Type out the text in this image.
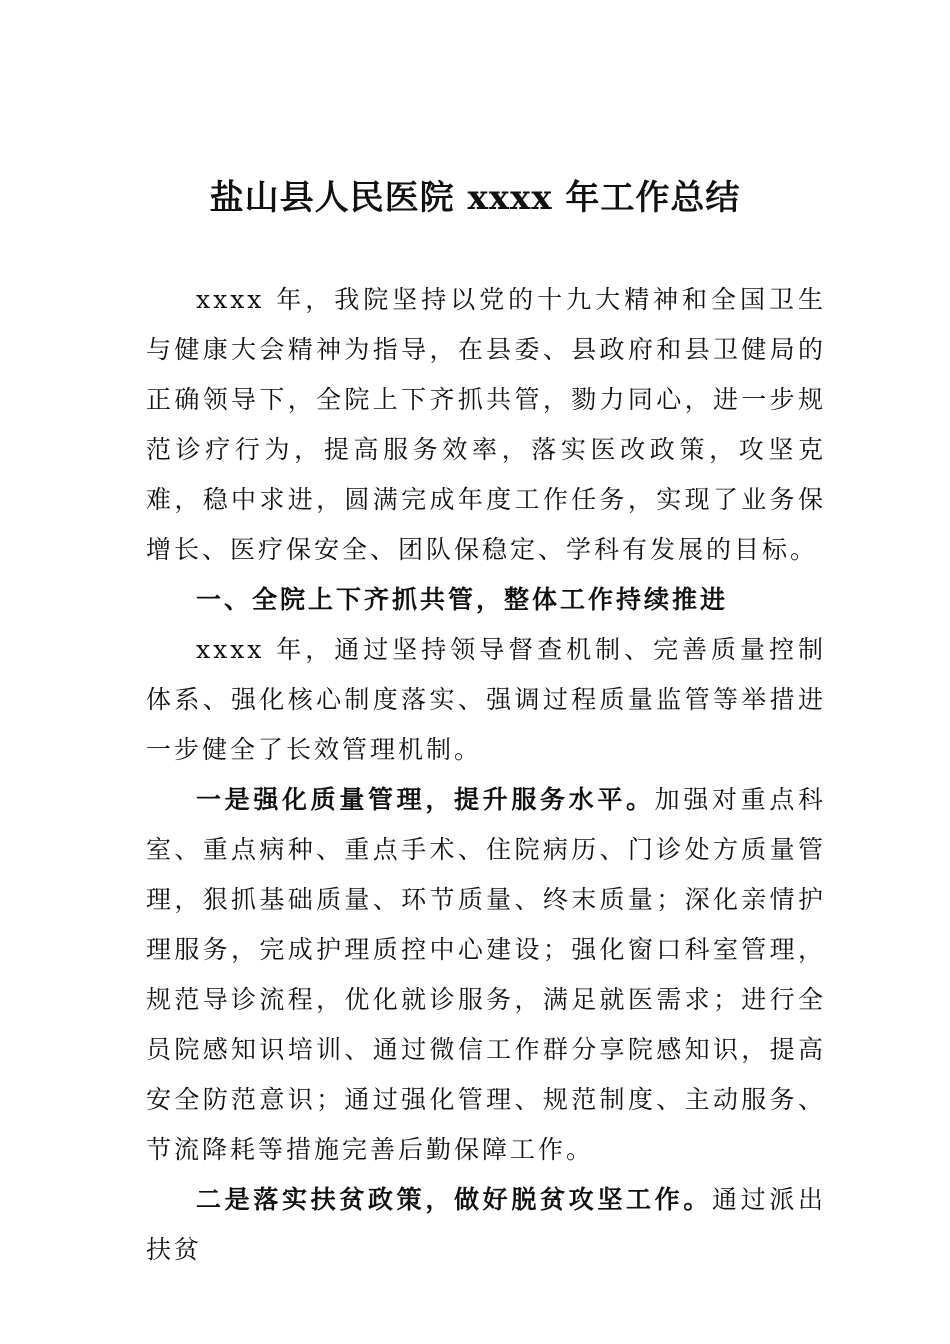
盐山县人民医院 xxxx 年工作总结

xxxx 年，我院坚持以党的十九大精神和全国卫生与健康大会精神为指导，在县委、县政府和县卫健局的正确领导下，全院上下齐抓共管，勠力同心，进一步规范诊疗行为，提高服务效率，落实医改政策，攻坚克难，稳中求进，圆满完成年度工作任务，实现了业务保增长、医疗保安全、团队保稳定、学科有发展的目标。

一、全院上下齐抓共管，整体工作持续推进

xxxx 年，通过坚持领导督查机制、完善质量控制体系、强化核心制度落实、强调过程质量监管等举措进一步健全了长效管理机制。

一是强化质量管理，提升服务水平。加强对重点科室、重点病种、重点手术、住院病历、门诊处方质量管理，狠抓基础质量、环节质量、终末质量；深化亲情护理服务，完成护理质控中心建设；强化窗口科室管理，规范导诊流程，优化就诊服务，满足就医需求；进行全员院感知识培训、通过微信工作群分享院感知识，提高安全防范意识；通过强化管理、规范制度、主动服务、节流降耗等措施完善后勤保障工作。

二是落实扶贫政策，做好脱贫攻坚工作。通过派出扶贫
